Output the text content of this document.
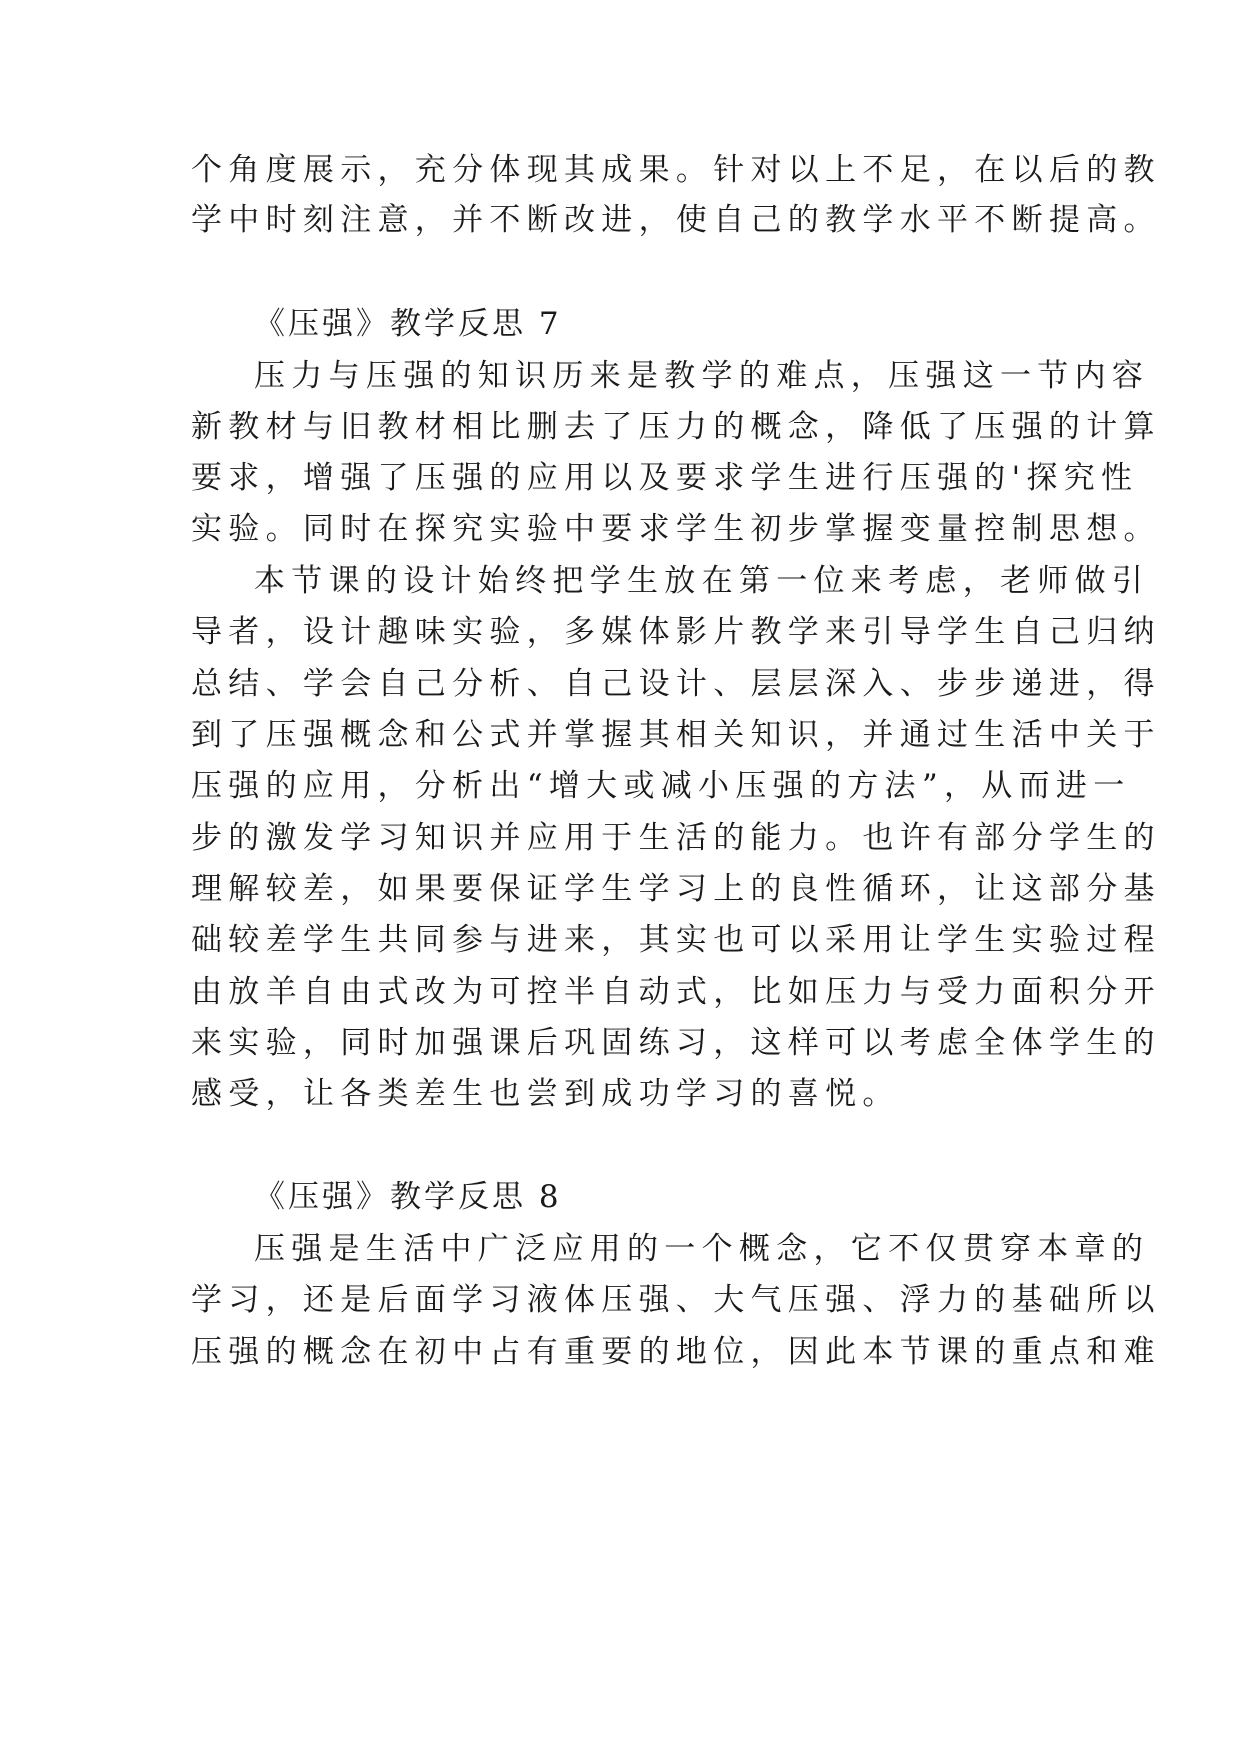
个角度展示，充分体现其成果。针对以上不足，在以后的教
学中时刻注意，并不断改进，使自己的教学水平不断提高。
《压强》教学反思 7
压力与压强的知识历来是教学的难点，压强这一节内容
新教材与旧教材相比删去了压力的概念，降低了压强的计算
要求，增强了压强的应用以及要求学生进行压强的'探究性
实验。同时在探究实验中要求学生初步掌握变量控制思想。
本节课的设计始终把学生放在第一位来考虑，老师做引
导者，设计趣味实验，多媒体影片教学来引导学生自己归纳
总结、学会自己分析、自己设计、层层深入、步步递进，得
到了压强概念和公式并掌握其相关知识，并通过生活中关于
压强的应用，分析出“增大或减小压强的方法”，从而进一
步的激发学习知识并应用于生活的能力。也许有部分学生的
理解较差，如果要保证学生学习上的良性循环，让这部分基
础较差学生共同参与进来，其实也可以采用让学生实验过程
由放羊自由式改为可控半自动式，比如压力与受力面积分开
来实验，同时加强课后巩固练习，这样可以考虑全体学生的
感受，让各类差生也尝到成功学习的喜悦。
《压强》教学反思 8
压强是生活中广泛应用的一个概念，它不仅贯穿本章的
学习，还是后面学习液体压强、大气压强、浮力的基础所以
压强的概念在初中占有重要的地位，因此本节课的重点和难
